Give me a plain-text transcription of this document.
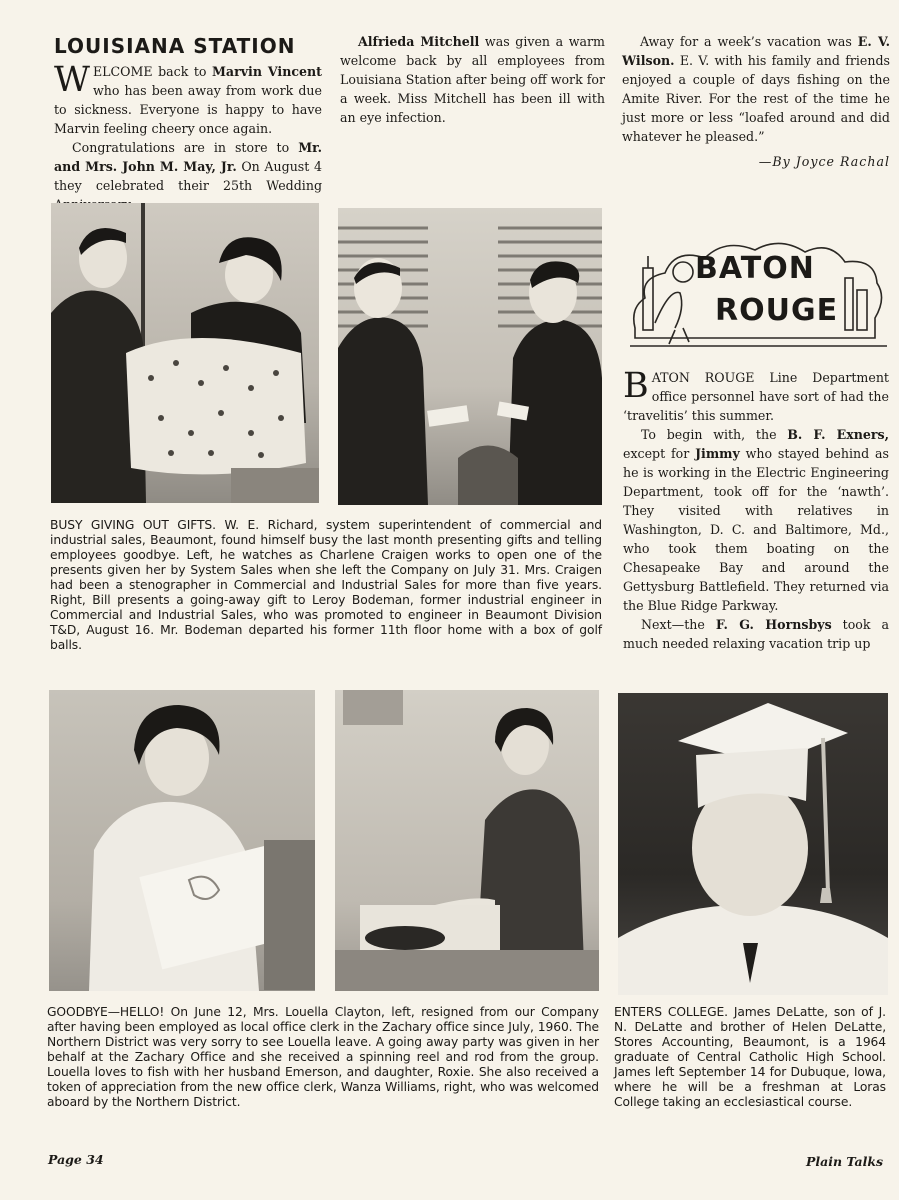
LOUISIANA STATION
WELCOME back to Marvin Vincent who has been away from work due to sickness. Everyone is happy to have Marvin feeling cheery once again.

Congratulations are in store to Mr. and Mrs. John M. May, Jr. On August 4 they celebrated their 25th Wedding

Alfrieda Mitchell was given a warm welcome back by all employees from Louisiana Station after being off work for a week. Miss Mitchell has been ill with an eye infection.

Away for a week’s vacation was E. V. Wilson. E. V. with his family and friends enjoyed a couple of days fishing on the Amite River. For the rest of the time he just more or less “loafed around and did whatever he pleased.”

—By Joyce Rachal

BATON
ROUGE
BATON ROUGE Line Department office personnel have sort of had the ‘travelitis’ this summer.

To begin with, the B. F. Exners, except for Jimmy who stayed behind as he is working in the Electric Engineering Department, took off for the ‘nawth’. They visited with relatives in Washington, D. C. and Baltimore, Md., who took them boating on the Chesapeake Bay and around the Gettysburg Battlefield. They returned via the Blue Ridge Parkway.

Next—the F. G. Hornsbys took a much needed relaxing vacation trip up

BUSY GIVING OUT GIFTS. W. E. Richard, system superintendent of commercial and industrial sales, Beaumont, found himself busy the last month presenting gifts and telling employees goodbye. Left, he watches as Charlene Craigen works to open one of the presents given her by System Sales when she left the Company on July 31. Mrs. Craigen had been a stenographer in Commercial and Industrial Sales for more than five years. Right, Bill presents a going-away gift to Leroy Bodeman, former industrial engineer in Commercial and Industrial Sales, who was promoted to engineer in Beaumont Division T&D, August 16. Mr. Bodeman departed his former 11th floor home with a box of golf balls.
GOODBYE—HELLO! On June 12, Mrs. Louella Clayton, left, resigned from our Company after having been employed as local office clerk in the Zachary office since July, 1960. The Northern District was very sorry to see Louella leave. A going away party was given in her behalf at the Zachary Office and she received a spinning reel and rod from the group. Louella loves to fish with her husband Emerson, and daughter, Roxie. She also received a token of appreciation from the new office clerk, Wanza Williams, right, who was welcomed aboard by the Northern District.
ENTERS COLLEGE. James DeLatte, son of J. N. DeLatte and brother of Helen DeLatte, Stores Accounting, Beaumont, is a 1964 graduate of Central Catholic High School. James left September 14 for Dubuque, Iowa, where he will be a freshman at Loras College taking an ecclesiastical course.
Page 34	Plain Talks
